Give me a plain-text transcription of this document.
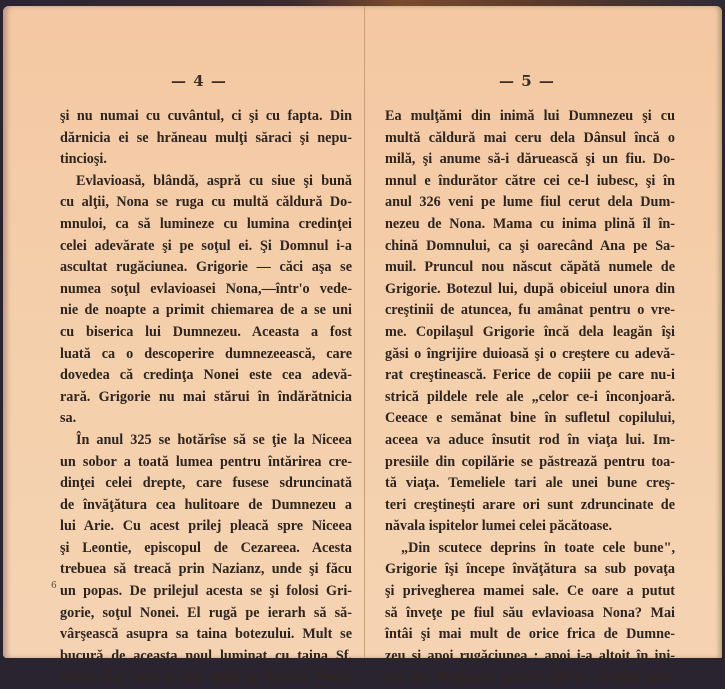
— 4 —
6
şi nu numai cu cuvântul, ci şi cu fapta. Din
dărnicia ei se hrăneau mulţi săraci şi nepu-
tincioşi.
Evlavioasă, blândă, aspră cu siue şi bună
cu alţii, Nona se ruga cu multă căldură Do-
mnuloi, ca să lumineze cu lumina credinţei
celei adevărate şi pe soţul ei. Şi Domnul i-a
ascultat rugăciunea. Grigorie — căci aşa se
numea soţul evlavioasei Nona,—într'o vede-
nie de noapte a primit chiemarea de a se uni
cu biserica lui Dumnezeu. Aceasta a fost
luată ca o descoperire dumnezeească, care
dovedea că credinţa Nonei este cea adevă-
rară. Grigorie nu mai stărui în îndărătnicia
sa.
În anul 325 se hotărîse să se ţie la Niceea
un sobor a toată lumea pentru întărirea cre-
dinţei celei drepte, care fusese sdruncinată
de învăţătura cea hulitoare de Dumnezeu a
lui Arie. Cu acest prilej pleacă spre Niceea
şi Leontie, episcopul de Cezareea. Acesta
trebuea să treacă prin Nazianz, unde şi făcu
un popas. De prilejul acesta se şi folosi Gri-
gorie, soţul Nonei. El rugă pe ierarh să să-
vârşească asupra sa taina botezului. Mult se
bucură de aceasta noul luminat cu taina Sf.
Botez, dar încă şi mai mult se bucură Nona.
— 5 —
Ea mulţămi din inimă lui Dumnezeu şi cu
multă căldură mai ceru dela Dânsul încă o
milă, şi anume să-i dăruească şi un fiu. Do-
mnul e îndurător către cei ce-l iubesc, şi în
anul 326 veni pe lume fiul cerut dela Dum-
nezeu de Nona. Mama cu inima plină îl în-
chină Domnului, ca şi oarecând Ana pe Sa-
muil. Pruncul nou născut căpătă numele de
Grigorie. Botezul lui, după obiceiul unora din
creştinii de atuncea, fu amânat pentru o vre-
me. Copilaşul Grigorie încă dela leagăn îşi
găsi o îngrijire duioasă şi o creştere cu adevă-
rat creştinească. Ferice de copiii pe care nu-i
strică pildele rele ale „celor ce-i înconjoară.
Ceeace e semănat bine în sufletul copilului,
aceea va aduce însutit rod în viaţa lui. Im-
presiile din copilărie se păstrează pentru toa-
tă viaţa. Temeliele tari ale unei bune creş-
teri creştineşti arare ori sunt zdruncinate de
năvala ispitelor lumei celei păcătoase.
„Din scutece deprins în toate cele bune",
Grigorie îşi începe învăţătura sa sub povaţa
şi privegherea mamei sale. Ce oare a putut
să înveţe pe fiul său evlavioasa Nona? Mai
întâi şi mai mult de orice frica de Dumne-
zeu şi apoi rugăciunea ; apoi i-a altoit în ini-
ma lui dragostea pentru citirea cărţilor sfin-
